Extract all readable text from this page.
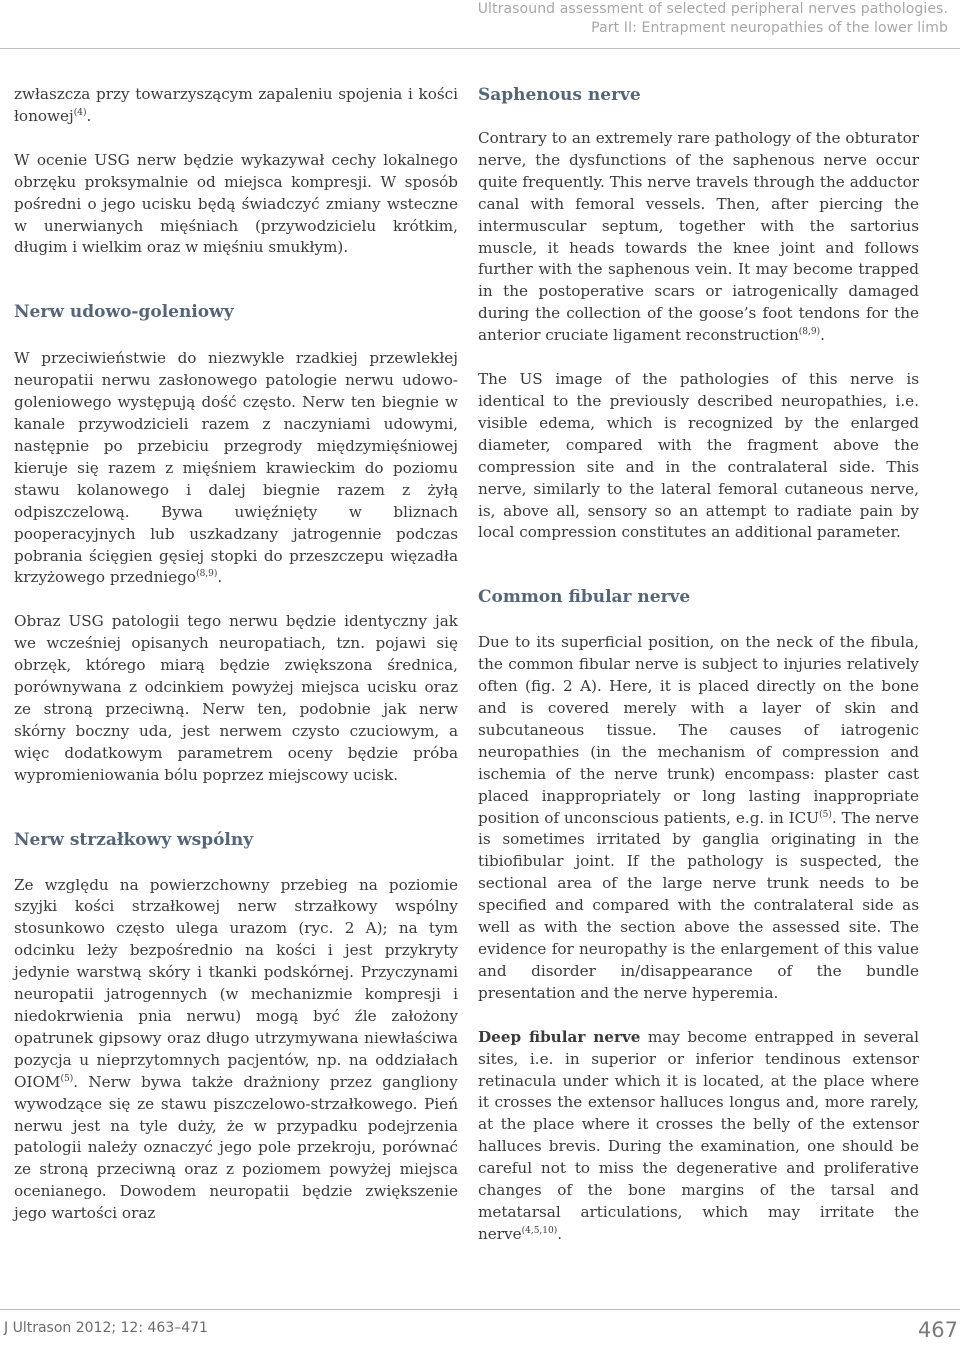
Ultrasound assessment of selected peripheral nerves pathologies.
Part II: Entrapment neuropathies of the lower limb

zwłaszcza przy towarzyszącym zapaleniu spojenia i kości łonowej$^{(4)}$.

W ocenie USG nerw będzie wykazywał cechy lokalnego obrzęku proksymalnie od miejsca kompresji. W sposób pośredni o jego ucisku będą świadczyć zmiany wsteczne w unerwianych mięśniach (przywodzicielu krótkim, długim i wielkim oraz w mięśniu smukłym).

Nerw udowo-goleniowy

W przeciwieństwie do niezwykle rzadkiej przewlekłej neuropatii nerwu zasłonowego patologie nerwu udowo-goleniowego występują dość często. Nerw ten biegnie w kanale przywodzicieli razem z naczyniami udowymi, następnie po przebiciu przegrody międzymięśniowej kieruje się razem z mięśniem krawieckim do poziomu stawu kolanowego i dalej biegnie razem z żyłą odpiszczelową. Bywa uwięźnięty w bliznach pooperacyjnych lub uszkadzany jatrogennie podczas pobrania ścięgien gęsiej stopki do przeszczepu więzadła krzyżowego przedniego$^{(8,9)}$.

Obraz USG patologii tego nerwu będzie identyczny jak we wcześniej opisanych neuropatiach, tzn. pojawi się obrzęk, którego miarą będzie zwiększona średnica, porównywana z odcinkiem powyżej miejsca ucisku oraz ze stroną przeciwną. Nerw ten, podobnie jak nerw skórny boczny uda, jest nerwem czysto czuciowym, a więc dodatkowym parametrem oceny będzie próba wypromieniowania bólu poprzez miejscowy ucisk.

Nerw strzałkowy wspólny

Ze względu na powierzchowny przebieg na poziomie szyjki kości strzałkowej nerw strzałkowy wspólny stosunkowo często ulega urazom (ryc. 2 A); na tym odcinku leży bezpośrednio na kości i jest przykryty jedynie warstwą skóry i tkanki podskórnej. Przyczynami neuropatii jatrogennych (w mechanizmie kompresji i niedokrwienia pnia nerwu) mogą być źle założony opatrunek gipsowy oraz długo utrzymywana niewłaściwa pozycja u nieprzytomnych pacjentów, np. na oddziałach OIOM$^{(5)}$. Nerw bywa także drażniony przez ganglionу wywodzące się ze stawu piszczelowo-strzałkowego. Pień nerwu jest na tyle duży, że w przypadku podejrzenia patologii należy oznaczyć jego pole przekroju, porównać ze stroną przeciwną oraz z poziomem powyżej miejsca ocenianego. Dowodem neuropatii będzie zwiększenie jego wartości oraz

Saphenous nerve

Contrary to an extremely rare pathology of the obturator nerve, the dysfunctions of the saphenous nerve occur quite frequently. This nerve travels through the adductor canal with femoral vessels. Then, after piercing the intermuscular septum, together with the sartorius muscle, it heads towards the knee joint and follows further with the saphenous vein. It may become trapped in the postoperative scars or iatrogenically damaged during the collection of the goose’s foot tendons for the anterior cruciate ligament reconstruction$^{(8,9)}$.

The US image of the pathologies of this nerve is identical to the previously described neuropathies, i.e. visible edema, which is recognized by the enlarged diameter, compared with the fragment above the compression site and in the contralateral side. This nerve, similarly to the lateral femoral cutaneous nerve, is, above all, sensory so an attempt to radiate pain by local compression constitutes an additional parameter.

Common fibular nerve

Due to its superficial position, on the neck of the fibula, the common fibular nerve is subject to injuries relatively often (fig. 2 A). Here, it is placed directly on the bone and is covered merely with a layer of skin and subcutaneous tissue. The causes of iatrogenic neuropathies (in the mechanism of compression and ischemia of the nerve trunk) encompass: plaster cast placed inappropriately or long lasting inappropriate position of unconscious patients, e.g. in ICU$^{(5)}$. The nerve is sometimes irritated by ganglia originating in the tibiofibular joint. If the pathology is suspected, the sectional area of the large nerve trunk needs to be specified and compared with the contralateral side as well as with the section above the assessed site. The evidence for neuropathy is the enlargement of this value and disorder in/disappearance of the bundle presentation and the nerve hyperemia.

Deep fibular nerve may become entrapped in several sites, i.e. in superior or inferior tendinous extensor retinacula under which it is located, at the place where it crosses the extensor halluces longus and, more rarely, at the place where it crosses the belly of the extensor halluces brevis. During the examination, one should be careful not to miss the degenerative and proliferative changes of the bone margins of the tarsal and metatarsal articulations, which may irritate the nerve$^{(4,5,10)}$.

J Ultrason 2012; 12: 463–471	467
